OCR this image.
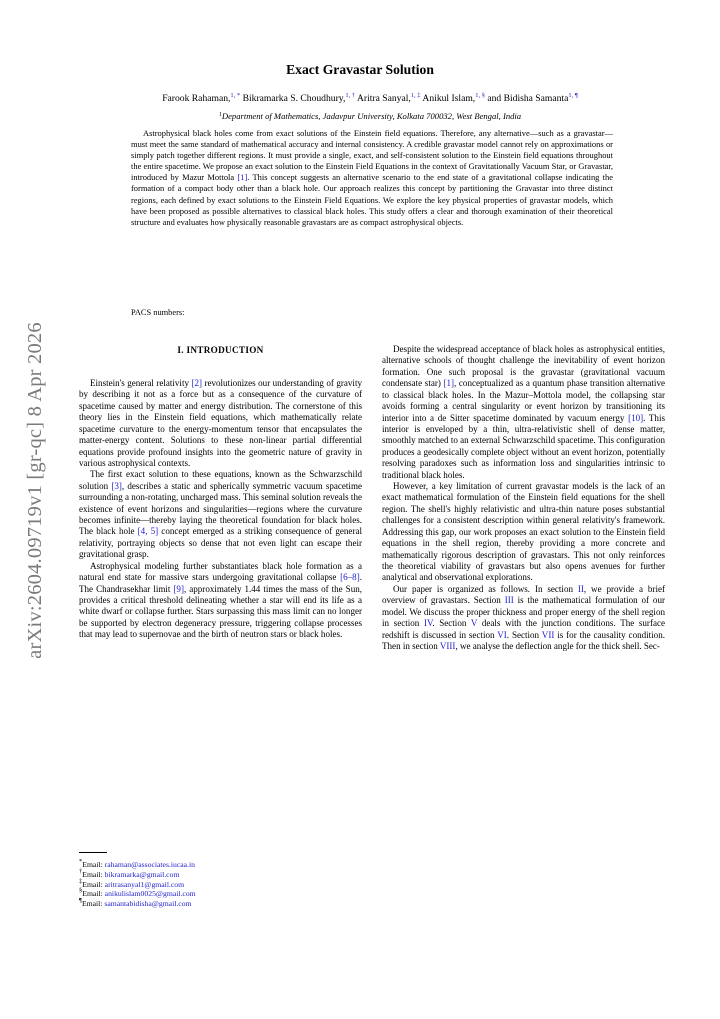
arXiv:2604.09719v1 [gr-qc] 8 Apr 2026
Exact Gravastar Solution
Farook Rahaman,$^{1, *}$ Bikramarka S. Choudhury,$^{1, \dagger}$ Aritra Sanyal,$^{1, \ddagger}$ Anikul Islam,$^{1, \S}$ and Bidisha Samanta$^{1, \P}$
$^1$Department of Mathematics, Jadavpur University, Kolkata 700032, West Bengal, India
Astrophysical black holes come from exact solutions of the Einstein field equations. Therefore, any alternative—such as a gravastar—must meet the same standard of mathematical accuracy and internal consistency. A credible gravastar model cannot rely on approximations or simply patch together different regions. It must provide a single, exact, and self-consistent solution to the Einstein field equations throughout the entire spacetime. We propose an exact solution to the Einstein Field Equations in the context of Gravitationally Vacuum Star, or Gravastar, introduced by Mazur Mottola [1]. This concept suggests an alternative scenario to the end state of a gravitational collapse indicating the formation of a compact body other than a black hole. Our approach realizes this concept by partitioning the Gravastar into three distinct regions, each defined by exact solutions to the Einstein Field Equations. We explore the key physical properties of gravastar models, which have been proposed as possible alternatives to classical black holes. This study offers a clear and thorough examination of their theoretical structure and evaluates how physically reasonable gravastars are as compact astrophysical objects.
PACS numbers:
I. INTRODUCTION

Einstein's general relativity [2] revolutionizes our understanding of gravity by describing it not as a force but as a consequence of the curvature of spacetime caused by matter and energy distribution. The cornerstone of this theory lies in the Einstein field equations, which mathematically relate spacetime curvature to the energy-momentum tensor that encapsulates the matter-energy content. Solutions to these non-linear partial differential equations provide profound insights into the geometric nature of gravity in various astrophysical contexts.

The first exact solution to these equations, known as the Schwarzschild solution [3], describes a static and spherically symmetric vacuum spacetime surrounding a non-rotating, uncharged mass. This seminal solution reveals the existence of event horizons and singularities—regions where the curvature becomes infinite—thereby laying the theoretical foundation for black holes. The black hole [4, 5] concept emerged as a striking consequence of general relativity, portraying objects so dense that not even light can escape their gravitational grasp.

Astrophysical modeling further substantiates black hole formation as a natural end state for massive stars undergoing gravitational collapse [6–8]. The Chandrasekhar limit [9], approximately 1.44 times the mass of the Sun, provides a critical threshold delineating whether a star will end its life as a white dwarf or collapse further. Stars surpassing this mass limit can no longer be supported by electron degeneracy pressure, triggering collapse processes that may lead to supernovae and the birth of neutron stars or black holes.

Despite the widespread acceptance of black holes as astrophysical entities, alternative schools of thought challenge the inevitability of event horizon formation. One such proposal is the gravastar (gravitational vacuum condensate star) [1], conceptualized as a quantum phase transition alternative to classical black holes. In the Mazur–Mottola model, the collapsing star avoids forming a central singularity or event horizon by transitioning its interior into a de Sitter spacetime dominated by vacuum energy [10]. This interior is enveloped by a thin, ultra-relativistic shell of dense matter, smoothly matched to an external Schwarzschild spacetime. This configuration produces a geodesically complete object without an event horizon, potentially resolving paradoxes such as information loss and singularities intrinsic to traditional black holes.

However, a key limitation of current gravastar models is the lack of an exact mathematical formulation of the Einstein field equations for the shell region. The shell's highly relativistic and ultra-thin nature poses substantial challenges for a consistent description within general relativity's framework. Addressing this gap, our work proposes an exact solution to the Einstein field equations in the shell region, thereby providing a more concrete and mathematically rigorous description of gravastars. This not only reinforces the theoretical viability of gravastars but also opens avenues for further analytical and observational explorations.

Our paper is organized as follows. In section II, we provide a brief overview of gravastars. Section III is the mathematical formulation of our model. We discuss the proper thickness and proper energy of the shell region in section IV. Section V deals with the junction conditions. The surface redshift is discussed in section VI. Section VII is for the causality condition. Then in section VIII, we analyse the deflection angle for the thick shell. Sec-

*Email: rahaman@associates.iucaa.in
†Email: bikramarka@gmail.com
‡Email: aritrasanyal1@gmail.com
§Email: anikulislam0025@gmail.com
¶Email: samantabidisha@gmail.com
